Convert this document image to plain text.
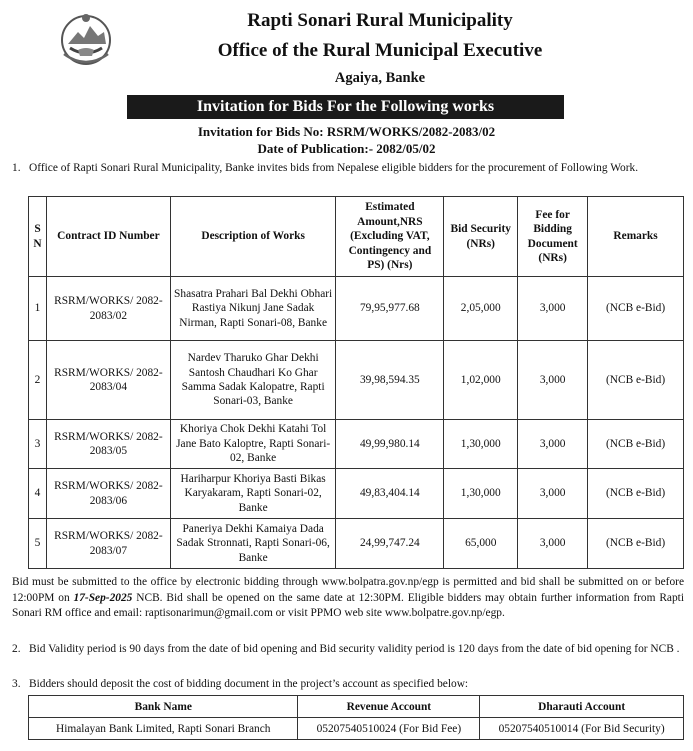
Rapti Sonari Rural Municipality
Office of the Rural Municipal Executive
Agaiya, Banke
Invitation for Bids For the Following works
Invitation for Bids No: RSRM/WORKS/2082-2083/02
Date of Publication:- 2082/05/02
1. Office of Rapti Sonari Rural Municipality, Banke invites bids from Nepalese eligible bidders for the procurement of Following Work.
S N	Contract ID Number	Description of Works	Estimated Amount,NRS (Excluding VAT, Contingency and PS) (Nrs)	Bid Security (NRs)	Fee for Bidding Document (NRs)	Remarks
1	RSRM/WORKS/ 2082-2083/02	Shasatra Prahari Bal Dekhi Obhari Rastiya Nikunj Jane Sadak Nirman, Rapti Sonari-08, Banke	79,95,977.68	2,05,000	3,000	(NCB e-Bid)
2	RSRM/WORKS/ 2082-2083/04	Nardev Tharuko Ghar Dekhi Santosh Chaudhari Ko Ghar Samma Sadak Kalopatre, Rapti Sonari-03, Banke	39,98,594.35	1,02,000	3,000	(NCB e-Bid)
3	RSRM/WORKS/ 2082-2083/05	Khoriya Chok Dekhi Katahi Tol Jane Bato Kaloptre, Rapti Sonari-02, Banke	49,99,980.14	1,30,000	3,000	(NCB e-Bid)
4	RSRM/WORKS/ 2082-2083/06	Hariharpur Khoriya Basti Bikas Karyakaram, Rapti Sonari-02, Banke	49,83,404.14	1,30,000	3,000	(NCB e-Bid)
5	RSRM/WORKS/ 2082-2083/07	Paneriya Dekhi Kamaiya Dada Sadak Stronnati, Rapti Sonari-06, Banke	24,99,747.24	65,000	3,000	(NCB e-Bid)
Bid must be submitted to the office by electronic bidding through www.bolpatra.gov.np/egp is permitted and bid shall be submitted on or before 12:00PM on 17-Sep-2025 NCB. Bid shall be opened on the same date at 12:30PM. Eligible bidders may obtain further information from Rapti Sonari RM office and email: raptisonarimun@gmail.com or visit PPMO web site www.bolpatre.gov.np/egp.
2. Bid Validity period is 90 days from the date of bid opening and Bid security validity period is 120 days from the date of bid opening for NCB .
3. Bidders should deposit the cost of bidding document in the project’s account as specified below:
Bank Name	Revenue Account	Dharauti Account
Himalayan Bank Limited, Rapti Sonari Branch	05207540510024 (For Bid Fee)	05207540510014 (For Bid Security)
